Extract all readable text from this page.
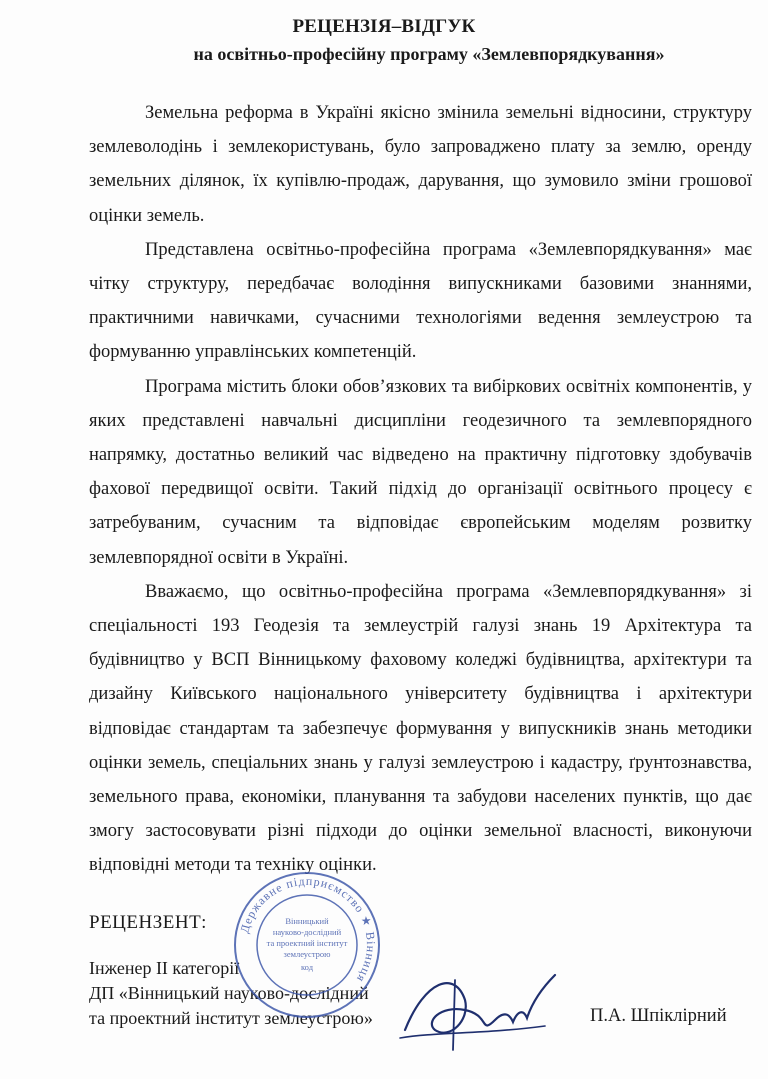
РЕЦЕНЗІЯ–ВІДГУК
на освітньо-професійну програму «Землевпорядкування»

Земельна реформа в Україні якісно змінила земельні відносини, структуру землеволодінь і землекористувань, було запроваджено плату за землю, оренду земельних ділянок, їх купівлю-продаж, дарування, що зумовило зміни грошової оцінки земель.

Представлена освітньо-професійна програма «Землевпорядкування» має чітку структуру, передбачає володіння випускниками базовими знаннями, практичними навичками, сучасними технологіями ведення землеустрою та формуванню управлінських компетенцій.

Програма містить блоки обов’язкових та вибіркових освітніх компонентів, у яких представлені навчальні дисципліни геодезичного та землевпорядного напрямку, достатньо великий час відведено на практичну підготовку здобувачів фахової передвищої освіти. Такий підхід до організації освітнього процесу є затребуваним, сучасним та відповідає європейським моделям розвитку землевпорядної освіти в Україні.

Вважаємо, що освітньо-професійна програма «Землевпорядкування» зі спеціальності 193 Геодезія та землеустрій галузі знань 19 Архітектура та будівництво у ВСП Вінницькому фаховому коледжі будівництва, архітектури та дизайну Київського національного університету будівництва і архітектури відповідає стандартам та забезпечує формування у випускників знань методики оцінки земель, спеціальних знань у галузі землеустрою і кадастру, ґрунтознавства, земельного права, економіки, планування та забудови населених пунктів, що дає змогу застосовувати різні підходи до оцінки земельної власності, виконуючи відповідні методи та техніку оцінки.

РЕЦЕНЗЕНТ:
Інженер ІІ категорії
ДП «Вінницький науково-дослідний
та проектний інститут землеустрою»
Державне підприємство ★ Вінниця
Вінницький
науково-дослідний
та проектний інститут
землеустрою
код
П.А. Шпіклірний
